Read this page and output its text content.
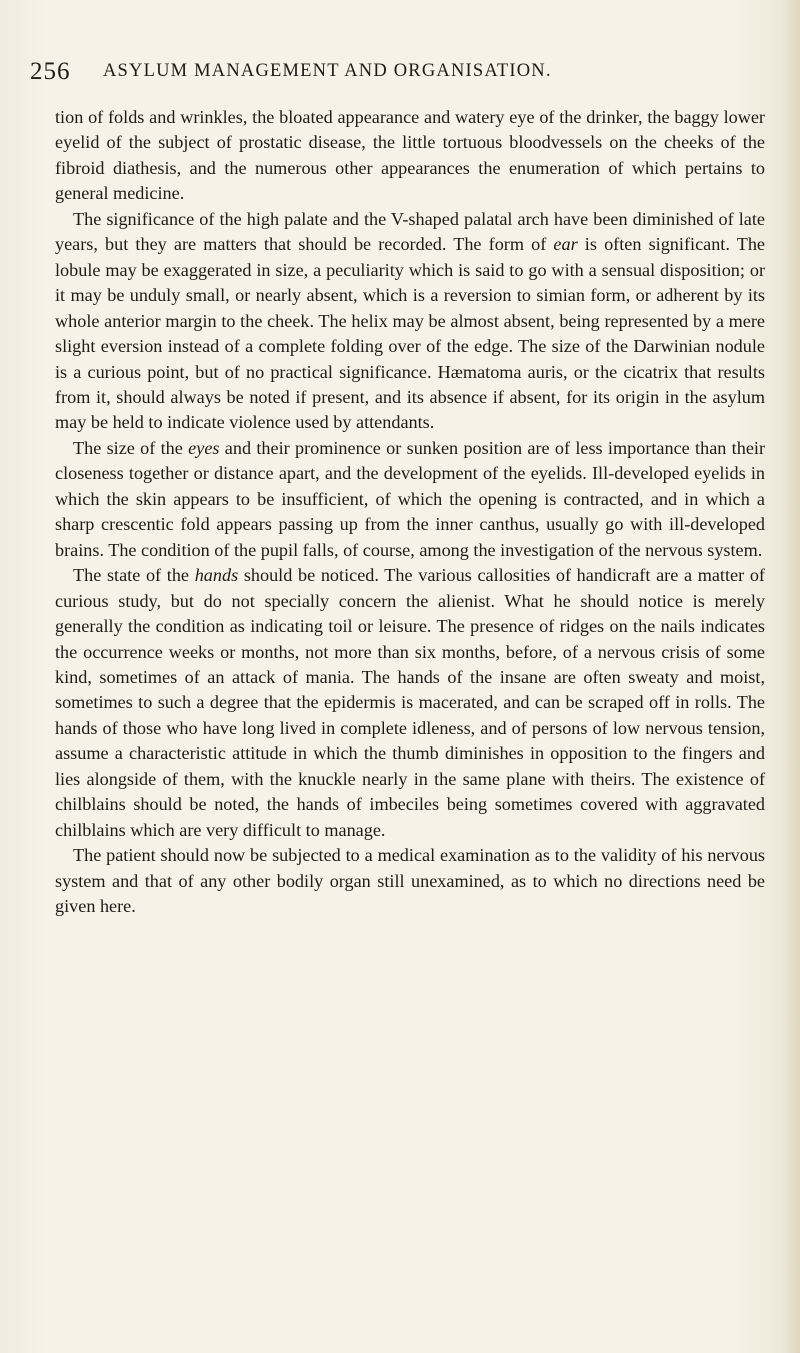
256 ASYLUM MANAGEMENT AND ORGANISATION.

tion of folds and wrinkles, the bloated appearance and watery eye of the drinker, the baggy lower eyelid of the subject of prostatic disease, the little tortuous bloodvessels on the cheeks of the fibroid diathesis, and the numerous other appearances the enumeration of which pertains to general medicine.

The significance of the high palate and the V-shaped palatal arch have been diminished of late years, but they are matters that should be recorded. The form of ear is often significant. The lobule may be exaggerated in size, a peculiarity which is said to go with a sensual disposition; or it may be unduly small, or nearly absent, which is a reversion to simian form, or adherent by its whole anterior margin to the cheek. The helix may be almost absent, being represented by a mere slight eversion instead of a complete folding over of the edge. The size of the Darwinian nodule is a curious point, but of no practical significance. Hæmatoma auris, or the cicatrix that results from it, should always be noted if present, and its absence if absent, for its origin in the asylum may be held to indicate violence used by attendants.

The size of the eyes and their prominence or sunken position are of less importance than their closeness together or distance apart, and the development of the eyelids. Ill-developed eyelids in which the skin appears to be insufficient, of which the opening is contracted, and in which a sharp crescentic fold appears passing up from the inner canthus, usually go with ill-developed brains. The condition of the pupil falls, of course, among the investigation of the nervous system.

The state of the hands should be noticed. The various callosities of handicraft are a matter of curious study, but do not specially concern the alienist. What he should notice is merely generally the condition as indicating toil or leisure. The presence of ridges on the nails indicates the occurrence weeks or months, not more than six months, before, of a nervous crisis of some kind, sometimes of an attack of mania. The hands of the insane are often sweaty and moist, sometimes to such a degree that the epidermis is macerated, and can be scraped off in rolls. The hands of those who have long lived in complete idleness, and of persons of low nervous tension, assume a characteristic attitude in which the thumb diminishes in opposition to the fingers and lies alongside of them, with the knuckle nearly in the same plane with theirs. The existence of chilblains should be noted, the hands of imbeciles being sometimes covered with aggravated chilblains which are very difficult to manage.

The patient should now be subjected to a medical examination as to the validity of his nervous system and that of any other bodily organ still unexamined, as to which no directions need be given here.
